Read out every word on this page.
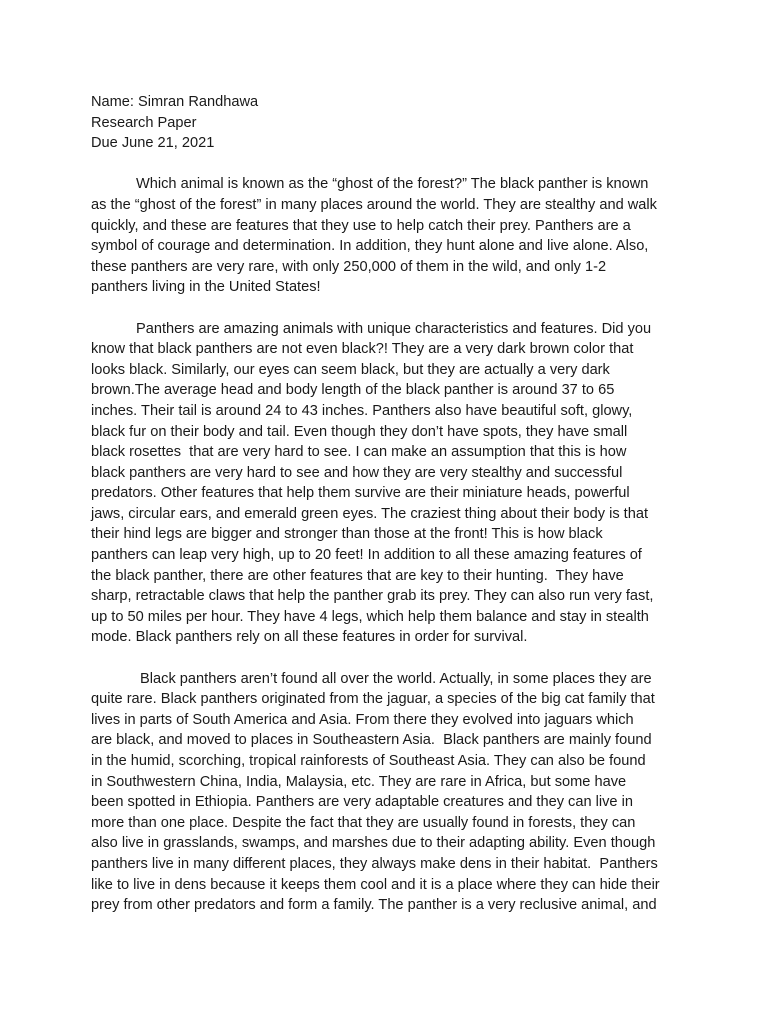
Name: Simran Randhawa
Research Paper
Due June 21, 2021
Which animal is known as the “ghost of the forest?” The black panther is known
as the “ghost of the forest” in many places around the world. They are stealthy and walk
quickly, and these are features that they use to help catch their prey. Panthers are a
symbol of courage and determination. In addition, they hunt alone and live alone. Also,
these panthers are very rare, with only 250,000 of them in the wild, and only 1-2
panthers living in the United States!
Panthers are amazing animals with unique characteristics and features. Did you
know that black panthers are not even black?! They are a very dark brown color that
looks black. Similarly, our eyes can seem black, but they are actually a very dark
brown.The average head and body length of the black panther is around 37 to 65
inches. Their tail is around 24 to 43 inches. Panthers also have beautiful soft, glowy,
black fur on their body and tail. Even though they don’t have spots, they have small
black rosettes  that are very hard to see. I can make an assumption that this is how
black panthers are very hard to see and how they are very stealthy and successful
predators. Other features that help them survive are their miniature heads, powerful
jaws, circular ears, and emerald green eyes. The craziest thing about their body is that
their hind legs are bigger and stronger than those at the front! This is how black
panthers can leap very high, up to 20 feet! In addition to all these amazing features of
the black panther, there are other features that are key to their hunting.  They have
sharp, retractable claws that help the panther grab its prey. They can also run very fast,
up to 50 miles per hour. They have 4 legs, which help them balance and stay in stealth
mode. Black panthers rely on all these features in order for survival.
Black panthers aren’t found all over the world. Actually, in some places they are
quite rare. Black panthers originated from the jaguar, a species of the big cat family that
lives in parts of South America and Asia. From there they evolved into jaguars which
are black, and moved to places in Southeastern Asia.  Black panthers are mainly found
in the humid, scorching, tropical rainforests of Southeast Asia. They can also be found
in Southwestern China, India, Malaysia, etc. They are rare in Africa, but some have
been spotted in Ethiopia. Panthers are very adaptable creatures and they can live in
more than one place. Despite the fact that they are usually found in forests, they can
also live in grasslands, swamps, and marshes due to their adapting ability. Even though
panthers live in many different places, they always make dens in their habitat.  Panthers
like to live in dens because it keeps them cool and it is a place where they can hide their
prey from other predators and form a family. The panther is a very reclusive animal, and
